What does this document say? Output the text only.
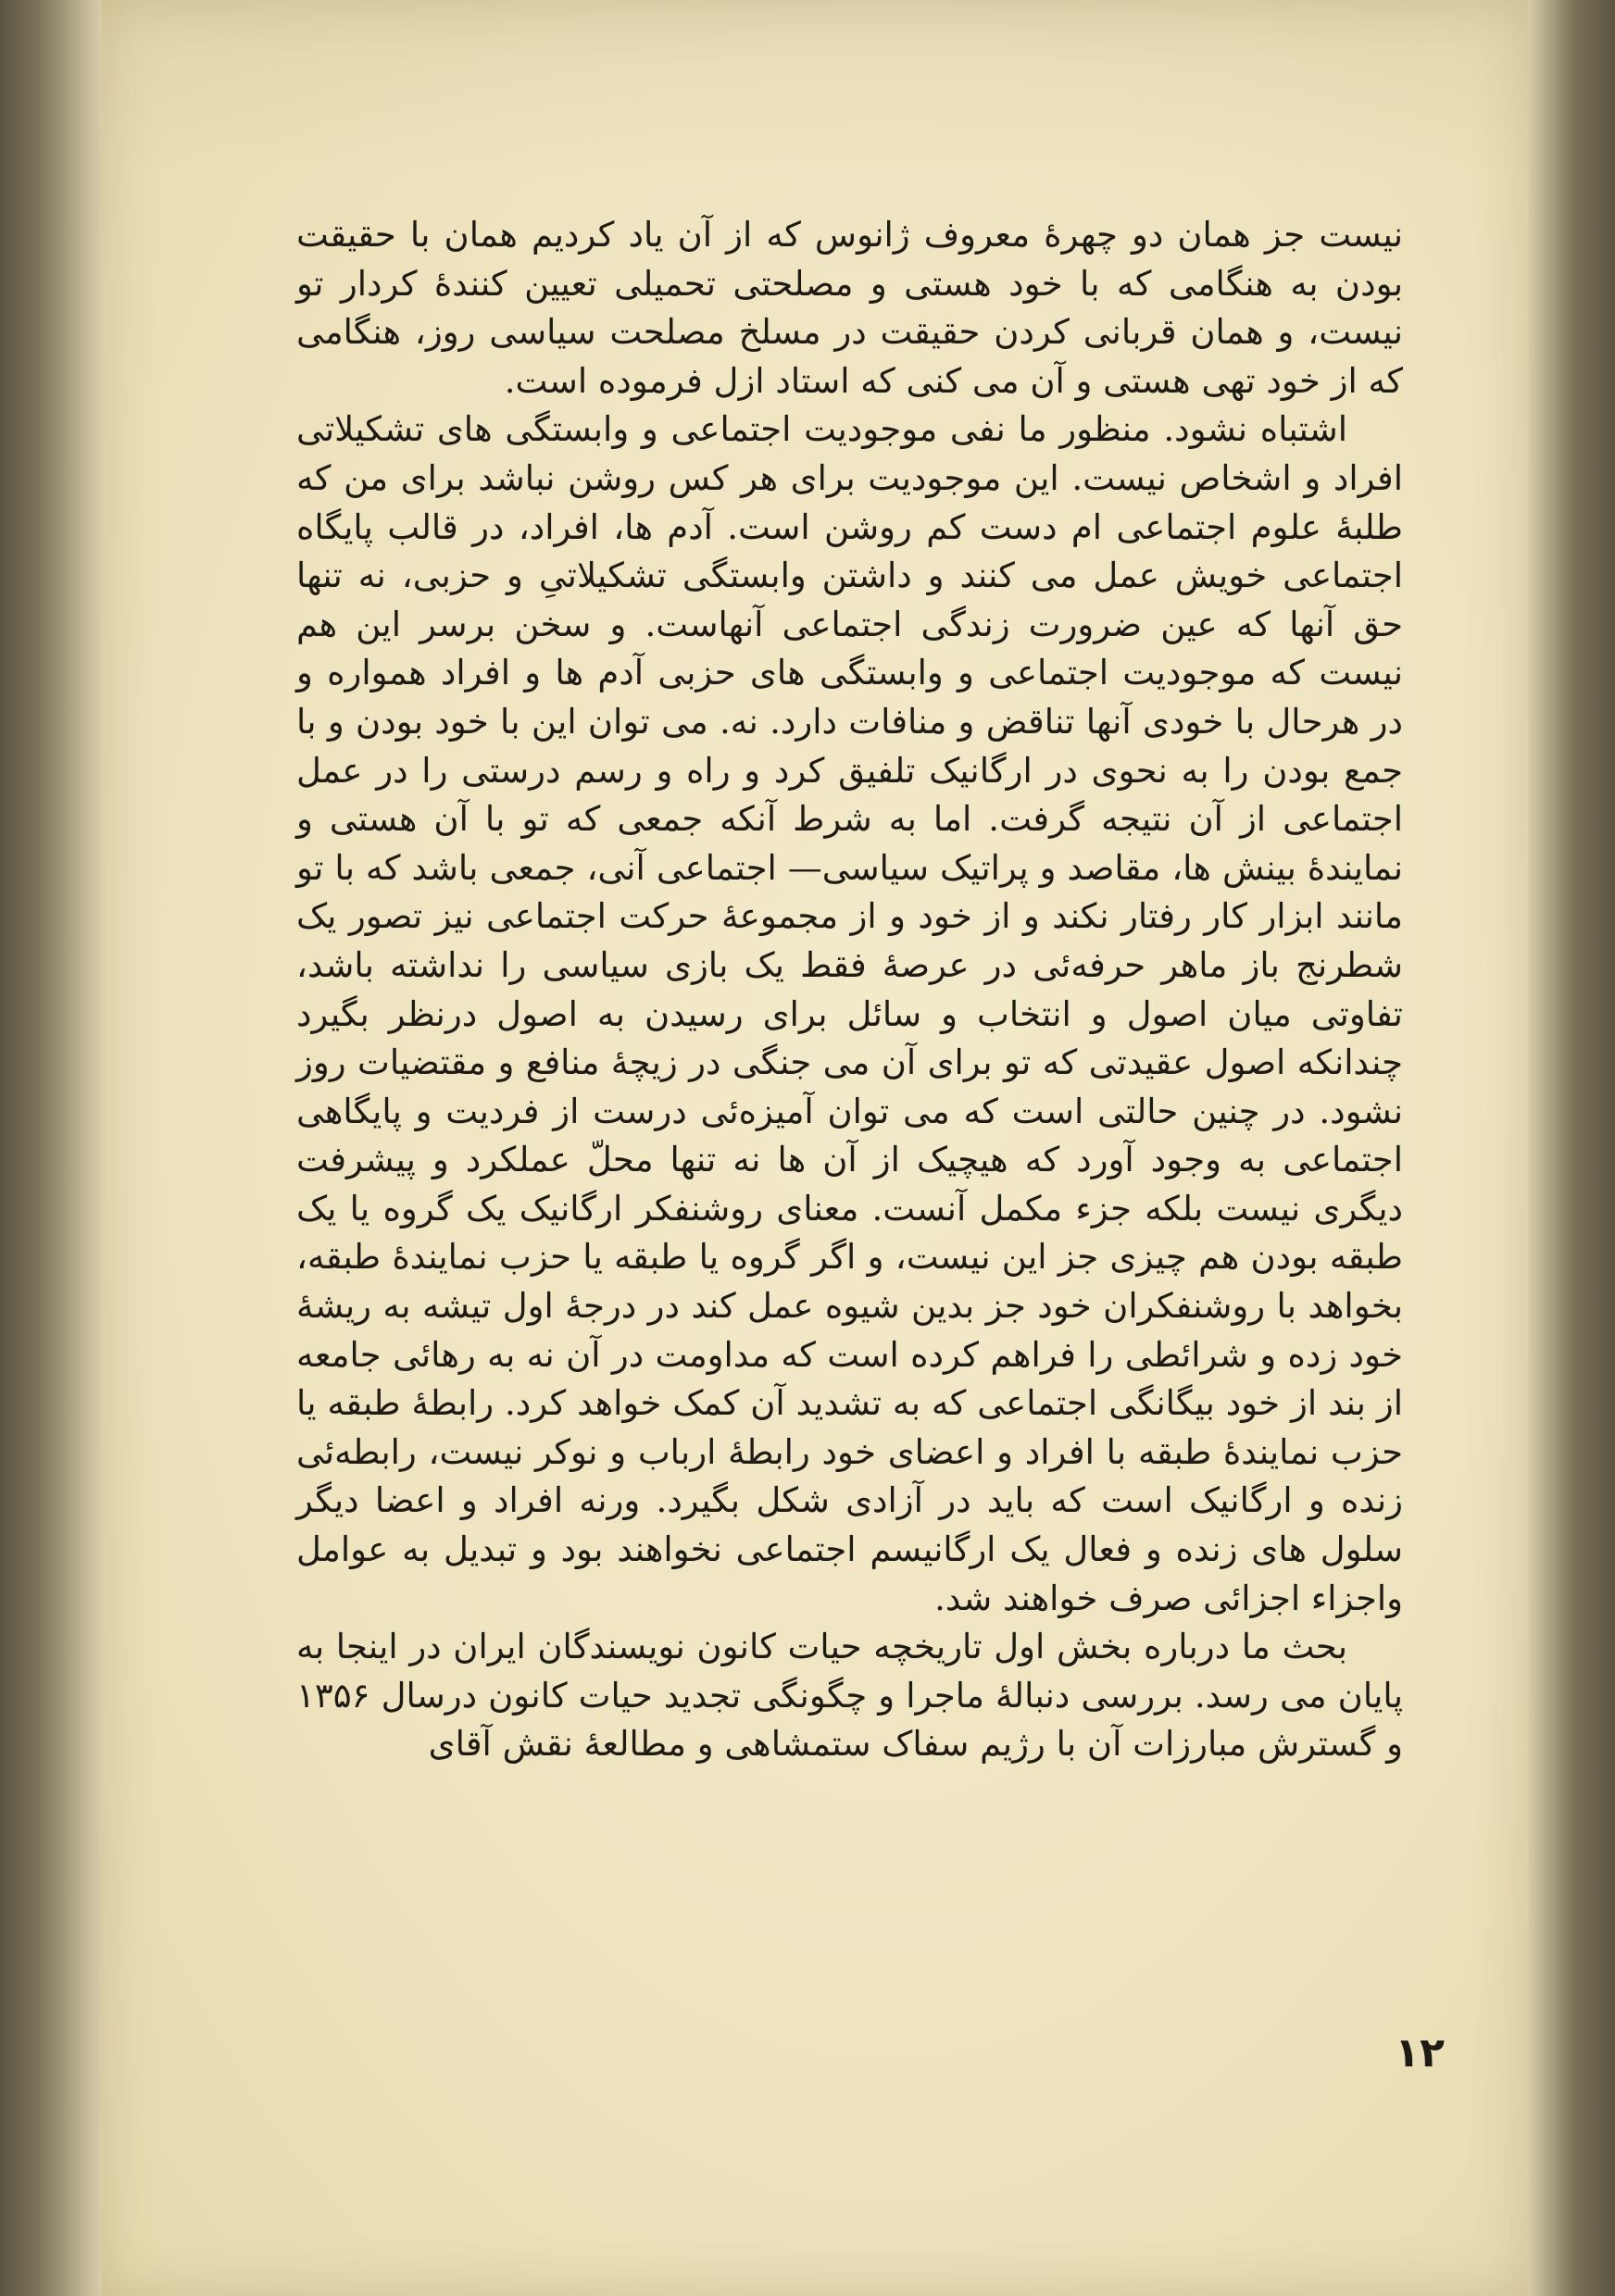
نیست جز همان دو چهرهٔ معروف ژانوس که از آن یاد کردیم همان با حقیقت بودن به هنگامی که با خود هستی و مصلحتی تحمیلی تعیین کنندهٔ کردار تو نیست، و همان قربانی کردن حقیقت در مسلخ مصلحت سیاسی روز، هنگامی که از خود تهی هستی و آن می کنی که استاد ازل فرموده است.

اشتباه نشود. منظور ما نفی موجودیت اجتماعی و وابستگی های تشکیلاتی افراد و اشخاص نیست. این موجودیت برای هر کس روشن نباشد برای من که طلبهٔ علوم اجتماعی ام دست کم روشن است. آدم ها، افراد، در قالب پایگاه اجتماعی خویش عمل می کنند و داشتن وابستگی تشکیلاتیِ و حزبی، نه تنها حق آنها که عین ضرورت زندگی اجتماعی آنهاست. و سخن برسر این هم نیست که موجودیت اجتماعی و وابستگی های حزبی آدم ها و افراد همواره و در هرحال با خودی آنها تناقض و منافات دارد. نه. می توان این با خود بودن و با جمع بودن را به نحوی در ارگانیک تلفیق کرد و راه و رسم درستی را در عمل اجتماعی از آن نتیجه گرفت. اما به شرط آنکه جمعی که تو با آن هستی و نمایندهٔ بینش ها، مقاصد و پراتیک سیاسی— اجتماعی آنی، جمعی باشد که با تو مانند ابزار کار رفتار نکند و از خود و از مجموعهٔ حرکت اجتماعی نیز تصور یک شطرنج باز ماهر حرفه‌ئی در عرصهٔ فقط یک بازی سیاسی را نداشته باشد، تفاوتی میان اصول و انتخاب و سائل برای رسیدن به اصول درنظر بگیرد چندانکه اصول عقیدتی که تو برای آن می جنگی در زیچهٔ منافع و مقتضیات روز نشود. در چنین حالتی است که می توان آمیزه‌ئی درست از فردیت و پایگاهی اجتماعی به وجود آورد که هیچیک از آن ها نه تنها محلّ عملکرد و پیشرفت دیگری نیست بلکه جزء مکمل آنست. معنای روشنفکر ارگانیک یک گروه یا یک طبقه بودن هم چیزی جز این نیست، و اگر گروه یا طبقه یا حزب نمایندهٔ طبقه، بخواهد با روشنفکران خود جز بدین شیوه عمل کند در درجهٔ اول تیشه به ریشهٔ خود زده و شرائطی را فراهم کرده است که مداومت در آن نه به رهائی جامعه از بند از خود بیگانگی اجتماعی که به تشدید آن کمک خواهد کرد. رابطهٔ طبقه یا حزب نمایندهٔ طبقه با افراد و اعضای خود رابطهٔ ارباب و نوکر نیست، رابطه‌ئی زنده و ارگانیک است که باید در آزادی شکل بگیرد. ورنه افراد و اعضا دیگر سلول های زنده و فعال یک ارگانیسم اجتماعی نخواهند بود و تبدیل به عوامل واجزاء اجزائی صرف خواهند شد.

بحث ما درباره بخش اول تاریخچه حیات کانون نویسندگان ایران در اینجا به پایان می رسد. بررسی دنبالهٔ ماجرا و چگونگی تجدید حیات کانون درسال ۱۳۵۶ و گسترش مبارزات آن با رژیم سفاک ستمشاهی و مطالعهٔ نقش آقای

۱۲
